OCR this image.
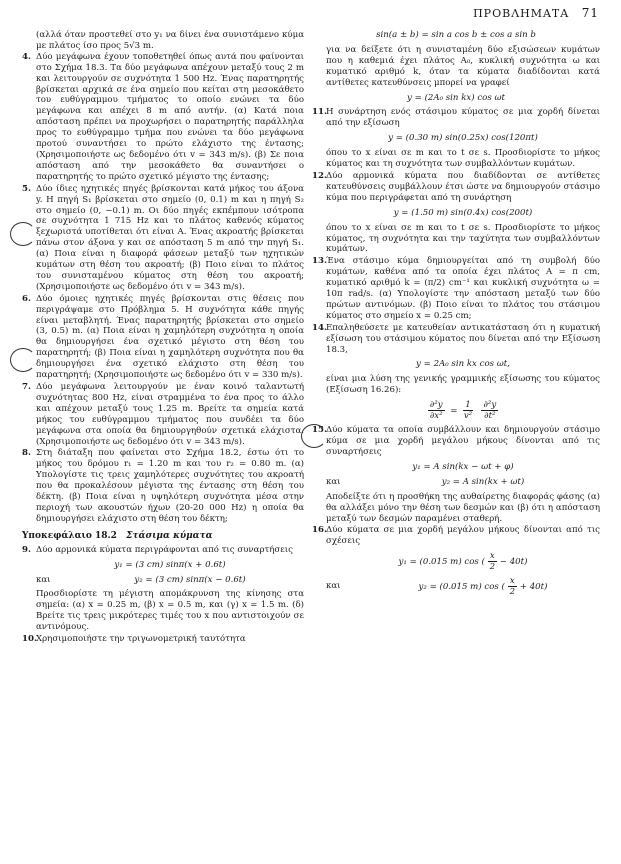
ΠΡΟΒΛΗΜΑΤΑ 71
(αλλά όταν προστεθεί στο y₁ να δίνει ένα συνιστάμενο κύμα με πλάτος ίσο προς 5√3 m.
4. Δύο μεγάφωνα έχουν τοποθετηθεί όπως αυτά που φαίνονται στο Σχήμα 18.3. Τα δύο μεγάφωνα απέχουν μεταξύ τους 2 m και λειτουργούν σε συχνότητα 1 500 Hz. Ένας παρατηρητής βρίσκεται αρχικά σε ένα σημείο που κείται στη μεσοκάθετο του ευθύγραμμου τμήματος το οποίο ενώνει τα δύο μεγάφωνα και απέχει 8 m από αυτήν. (α) Κατά ποια απόσταση πρέπει να προχωρήσει ο παρατηρητής παράλληλα προς το ευθύγραμμο τμήμα που ενώνει τα δύο μεγάφωνα προτού συναντήσει το πρώτο ελάχιστο της έντασης; (Χρησιμοποιήστε ως δεδομένο ότι v = 343 m/s). (β) Σε ποια απόσταση από την μεσοκάθετο θα συναντήσει ο παρατηρητής το πρώτο σχετικό μέγιστο της έντασης;
5. Δύο ίδιες ηχητικές πηγές βρίσκονται κατά μήκος του άξονα y. Η πηγή S₁ βρίσκεται στο σημείο (0, 0.1) m και η πηγή S₂ στο σημείο (0, −0.1) m. Οι δύο πηγές εκπέμπουν ισότροπα σε συχνότητα 1 715 Hz και το πλάτος καθενός κύματος ξεχωριστά υποτίθεται ότι είναι A. Ένας ακροατής βρίσκεται πάνω στον άξονα y και σε απόσταση 5 m από την πηγή S₁. (α) Ποια είναι η διαφορά φάσεων μεταξύ των ηχητικών κυμάτων στη θέση του ακροατή; (β) Ποιο είναι το πλάτος του συνισταμένου κύματος στη θέση του ακροατή; (Χρησιμοποιήστε ως δεδομένο ότι v = 343 m/s).
6. Δύο όμοιες ηχητικές πηγές βρίσκονται στις θέσεις που περιγράψαμε στο Πρόβλημα 5. Η συχνότητα κάθε πηγής είναι μεταβλητή. Ένας παρατηρητής βρίσκεται στο σημείο (3, 0.5) m. (α) Ποια είναι η χαμηλότερη συχνότητα η οποία θα δημιουργήσει ένα σχετικό μέγιστο στη θέση του παρατηρητή; (β) Ποια είναι η χαμηλότερη συχνότητα που θα δημιουργήσει ένα σχετικό ελάχιστο στη θέση του παρατηρητή; (Χρησιμοποιήστε ως δεδομένο ότι v = 330 m/s).
7. Δύο μεγάφωνα λειτουργούν με έναν κοινό ταλαντωτή συχνότητας 800 Hz, είναι στραμμένα το ένα προς το άλλο και απέχουν μεταξύ τους 1.25 m. Βρείτε τα σημεία κατά μήκος του ευθύγραμμου τμήματος που συνδέει τα δύο μεγάφωνα στα οποία θα δημιουργηθούν σχετικά ελάχιστα. (Χρησιμοποιήστε ως δεδομένο ότι v = 343 m/s).
8. Στη διάταξη που φαίνεται στο Σχήμα 18.2, έστω ότι το μήκος του δρόμου r₁ = 1.20 m και του r₂ = 0.80 m. (α) Υπολογίστε τις τρεις χαμηλότερες συχνότητες του ακροατή που θα προκαλέσουν μέγιστα της έντασης στη θέση του δέκτη. (β) Ποια είναι η υψηλότερη συχνότητα μέσα στην περιοχή των ακουστών ήχων (20-20 000 Hz) η οποία θα δημιουργήσει ελάχιστο στη θέση του δέκτη;
Υποκεφάλαιο 18.2 Στάσιμα κύματα
9. Δύο αρμονικά κύματα περιγράφονται από τις συναρτήσεις
y₁ = (3 cm) sinπ(x + 0.6t)
και	y₂ = (3 cm) sinπ(x − 0.6t)
Προσδιορίστε τη μέγιστη απομάκρυνση της κίνησης στα σημεία: (α) x = 0.25 m, (β) x = 0.5 m, και (γ) x = 1.5 m. (δ) Βρείτε τις τρεις μικρότερες τιμές του x που αντιστοιχούν σε αντινόμους.
10. Χρησιμοποιήστε την τριγωνομετρική ταυτότητα
sin(a ± b) = sin a cos b ± cos a sin b
για να δείξετε ότι η συνισταμένη δύο εξισώσεων κυμάτων που η καθεμιά έχει πλάτος A₀, κυκλική συχνότητα ω και κυματικό αριθμό k, όταν τα κύματα διαδίδονται κατά αντίθετες κατευθύνσεις μπορεί να γραφεί
y = (2A₀ sin kx) cos ωt
11. Η συνάρτηση ενός στάσιμου κύματος σε μια χορδή δίνεται από την εξίσωση
y = (0.30 m) sin(0.25x) cos(120πt)
όπου το x είναι σε m και το t σε s. Προσδιορίστε το μήκος κύματος και τη συχνότητα των συμβαλλόντων κυμάτων.
12. Δύο αρμονικά κύματα που διαδίδονται σε αντίθετες κατευθύνσεις συμβάλλουν έτσι ώστε να δημιουργούν στάσιμο κύμα που περιγράφεται από τη συνάρτηση
y = (1.50 m) sin(0.4x) cos(200t)
όπου το x είναι σε m και το t σε s. Προσδιορίστε το μήκος κύματος, τη συχνότητα και την ταχύτητα των συμβαλλόντων κυμάτων.
13. Ένα στάσιμο κύμα δημιουργείται από τη συμβολή δύο κυμάτων, καθένα από τα οποία έχει πλάτος A = π cm, κυματικό αριθμό k = (π/2) cm⁻¹ και κυκλική συχνότητα ω = 10π rad/s. (α) Υπολογίστε την απόσταση μεταξύ των δύο πρώτων αντινόμων. (β) Ποιο είναι το πλάτος του στάσιμου κύματος στο σημείο x = 0.25 cm;
14. Επαληθεύσετε με κατευθείαν αντικατάσταση ότι η κυματική εξίσωση του στάσιμου κύματος που δίνεται από την Εξίσωση 18.3,
y = 2A₀ sin kx cos ωt,
είναι μια λύση της γενικής γραμμικής εξίσωσης του κύματος (Εξίσωση 16.26):
$\frac{\text{∂²y}}{\text{∂x²}} = \frac{1}{\text{v²}}$
$\frac{\text{∂²y}}{\text{∂t²}}$
15. Δύο κύματα τα οποία συμβάλλουν και δημιουργούν στάσιμο κύμα σε μια χορδή μεγάλου μήκους δίνονται από τις συναρτήσεις
y₁ = A sin(kx − ωt + φ)
και	y₂ = A sin(kx + ωt)
Αποδείξτε ότι η προσθήκη της αυθαίρετης διαφοράς φάσης (α) θα αλλάξει μόνο την θέση των δεσμών και (β) ότι η απόσταση μεταξύ των δεσμών παραμένει σταθερή.
16. Δύο κύματα σε μια χορδή μεγάλου μήκους δίνονται από τις σχέσεις
y₁ = (0.015 m) cos ( $\frac{x}{2} - 40t$)
και	y₂ = (0.015 m) cos ( $\frac{x}{2} + 40t$)
